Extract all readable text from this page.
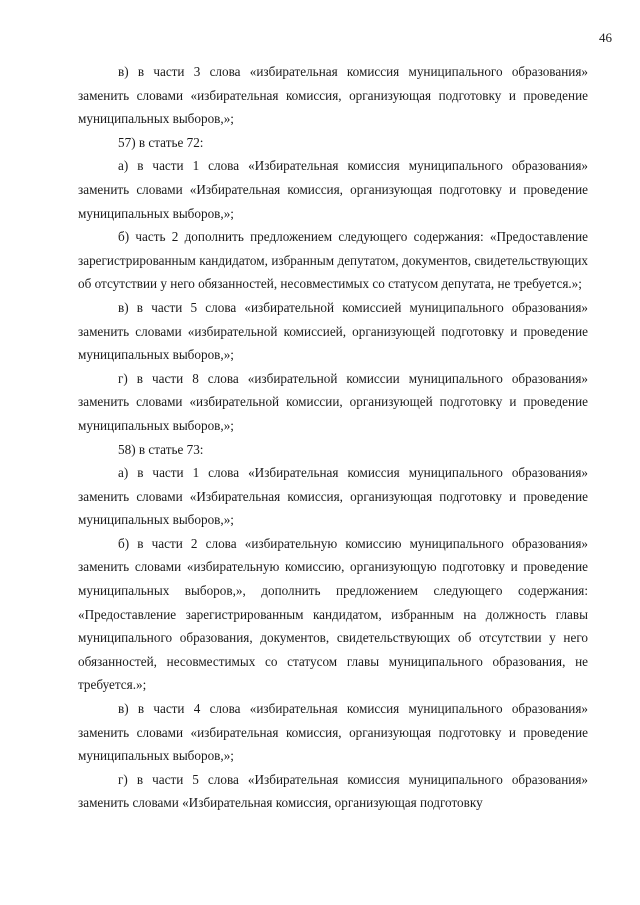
46

в) в части 3 слова «избирательная комиссия муниципального образования» заменить словами «избирательная комиссия, организующая подготовку и проведение муниципальных выборов,»;

57) в статье 72:

а) в части 1 слова «Избирательная комиссия муниципального образования» заменить словами «Избирательная комиссия, организующая подготовку и проведение муниципальных выборов,»;

б) часть 2 дополнить предложением следующего содержания: «Предоставление зарегистрированным кандидатом, избранным депутатом, документов, свидетельствующих об отсутствии у него обязанностей, несовместимых со статусом депутата, не требуется.»;

в) в части 5 слова «избирательной комиссией муниципального образования» заменить словами «избирательной комиссией, организующей подготовку и проведение муниципальных выборов,»;

г) в части 8 слова «избирательной комиссии муниципального образования» заменить словами «избирательной комиссии, организующей подготовку и проведение муниципальных выборов,»;

58) в статье 73:

а) в части 1 слова «Избирательная комиссия муниципального образования» заменить словами «Избирательная комиссия, организующая подготовку и проведение муниципальных выборов,»;

б) в части 2 слова «избирательную комиссию муниципального образования» заменить словами «избирательную комиссию, организующую подготовку и проведение муниципальных выборов,», дополнить предложением следующего содержания: «Предоставление зарегистрированным кандидатом, избранным на должность главы муниципального образования, документов, свидетельствующих об отсутствии у него обязанностей, несовместимых со статусом главы муниципального образования, не требуется.»;

в) в части 4 слова «избирательная комиссия муниципального образования» заменить словами «избирательная комиссия, организующая подготовку и проведение муниципальных выборов,»;

г) в части 5 слова «Избирательная комиссия муниципального образования» заменить словами «Избирательная комиссия, организующая подготовку
